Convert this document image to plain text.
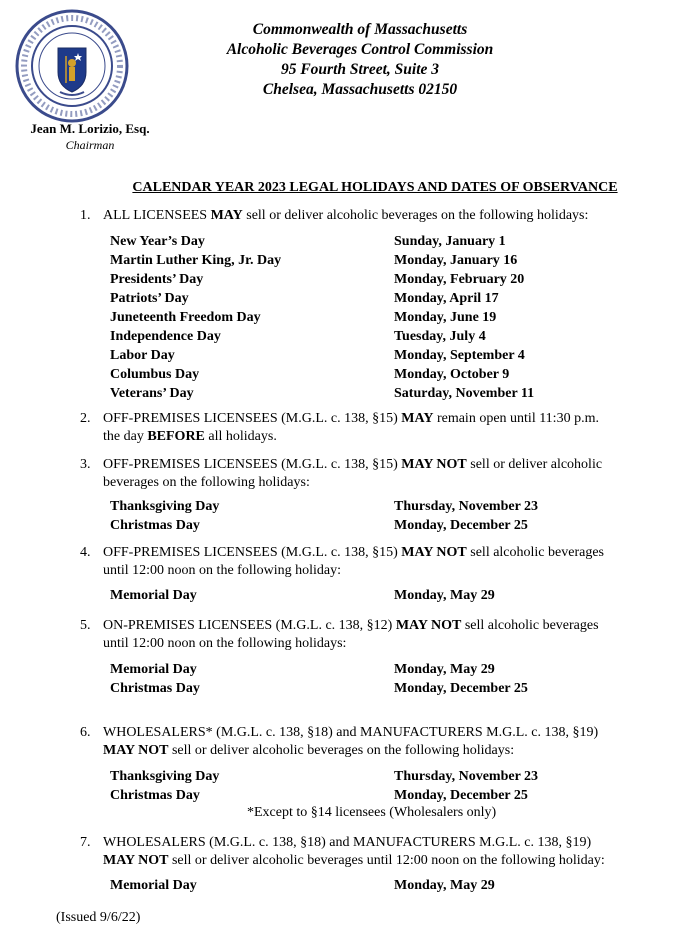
Commonwealth of Massachusetts
Alcoholic Beverages Control Commission
95 Fourth Street, Suite 3
Chelsea, Massachusetts 02150
Jean M. Lorizio, Esq.
Chairman
CALENDAR YEAR 2023 LEGAL HOLIDAYS AND DATES OF OBSERVANCE
1. ALL LICENSEES MAY sell or deliver alcoholic beverages on the following holidays:
New Year’s Day	Sunday, January 1
Martin Luther King, Jr. Day	Monday, January 16
Presidents’ Day	Monday, February 20
Patriots’ Day	Monday, April 17
Juneteenth Freedom Day	Monday, June 19
Independence Day	Tuesday, July 4
Labor Day	Monday, September 4
Columbus Day	Monday, October 9
Veterans’ Day	Saturday, November 11
2. OFF-PREMISES LICENSEES (M.G.L. c. 138, §15) MAY remain open until 11:30 p.m.
the day BEFORE all holidays.
3. OFF-PREMISES LICENSEES (M.G.L. c. 138, §15) MAY NOT sell or deliver alcoholic
beverages on the following holidays:
Thanksgiving Day	Thursday, November 23
Christmas Day	Monday, December 25
4. OFF-PREMISES LICENSEES (M.G.L. c. 138, §15) MAY NOT sell alcoholic beverages
until 12:00 noon on the following holiday:
Memorial Day	Monday, May 29
5. ON-PREMISES LICENSEES (M.G.L. c. 138, §12) MAY NOT sell alcoholic beverages
until 12:00 noon on the following holidays:
Memorial Day	Monday, May 29
Christmas Day	Monday, December 25
6. WHOLESALERS* (M.G.L. c. 138, §18) and MANUFACTURERS M.G.L. c. 138, §19)
MAY NOT sell or deliver alcoholic beverages on the following holidays:
Thanksgiving Day	Thursday, November 23
Christmas Day	Monday, December 25
*Except to §14 licensees (Wholesalers only)
7. WHOLESALERS (M.G.L. c. 138, §18) and MANUFACTURERS M.G.L. c. 138, §19)
MAY NOT sell or deliver alcoholic beverages until 12:00 noon on the following holiday:
Memorial Day	Monday, May 29
(Issued 9/6/22)
